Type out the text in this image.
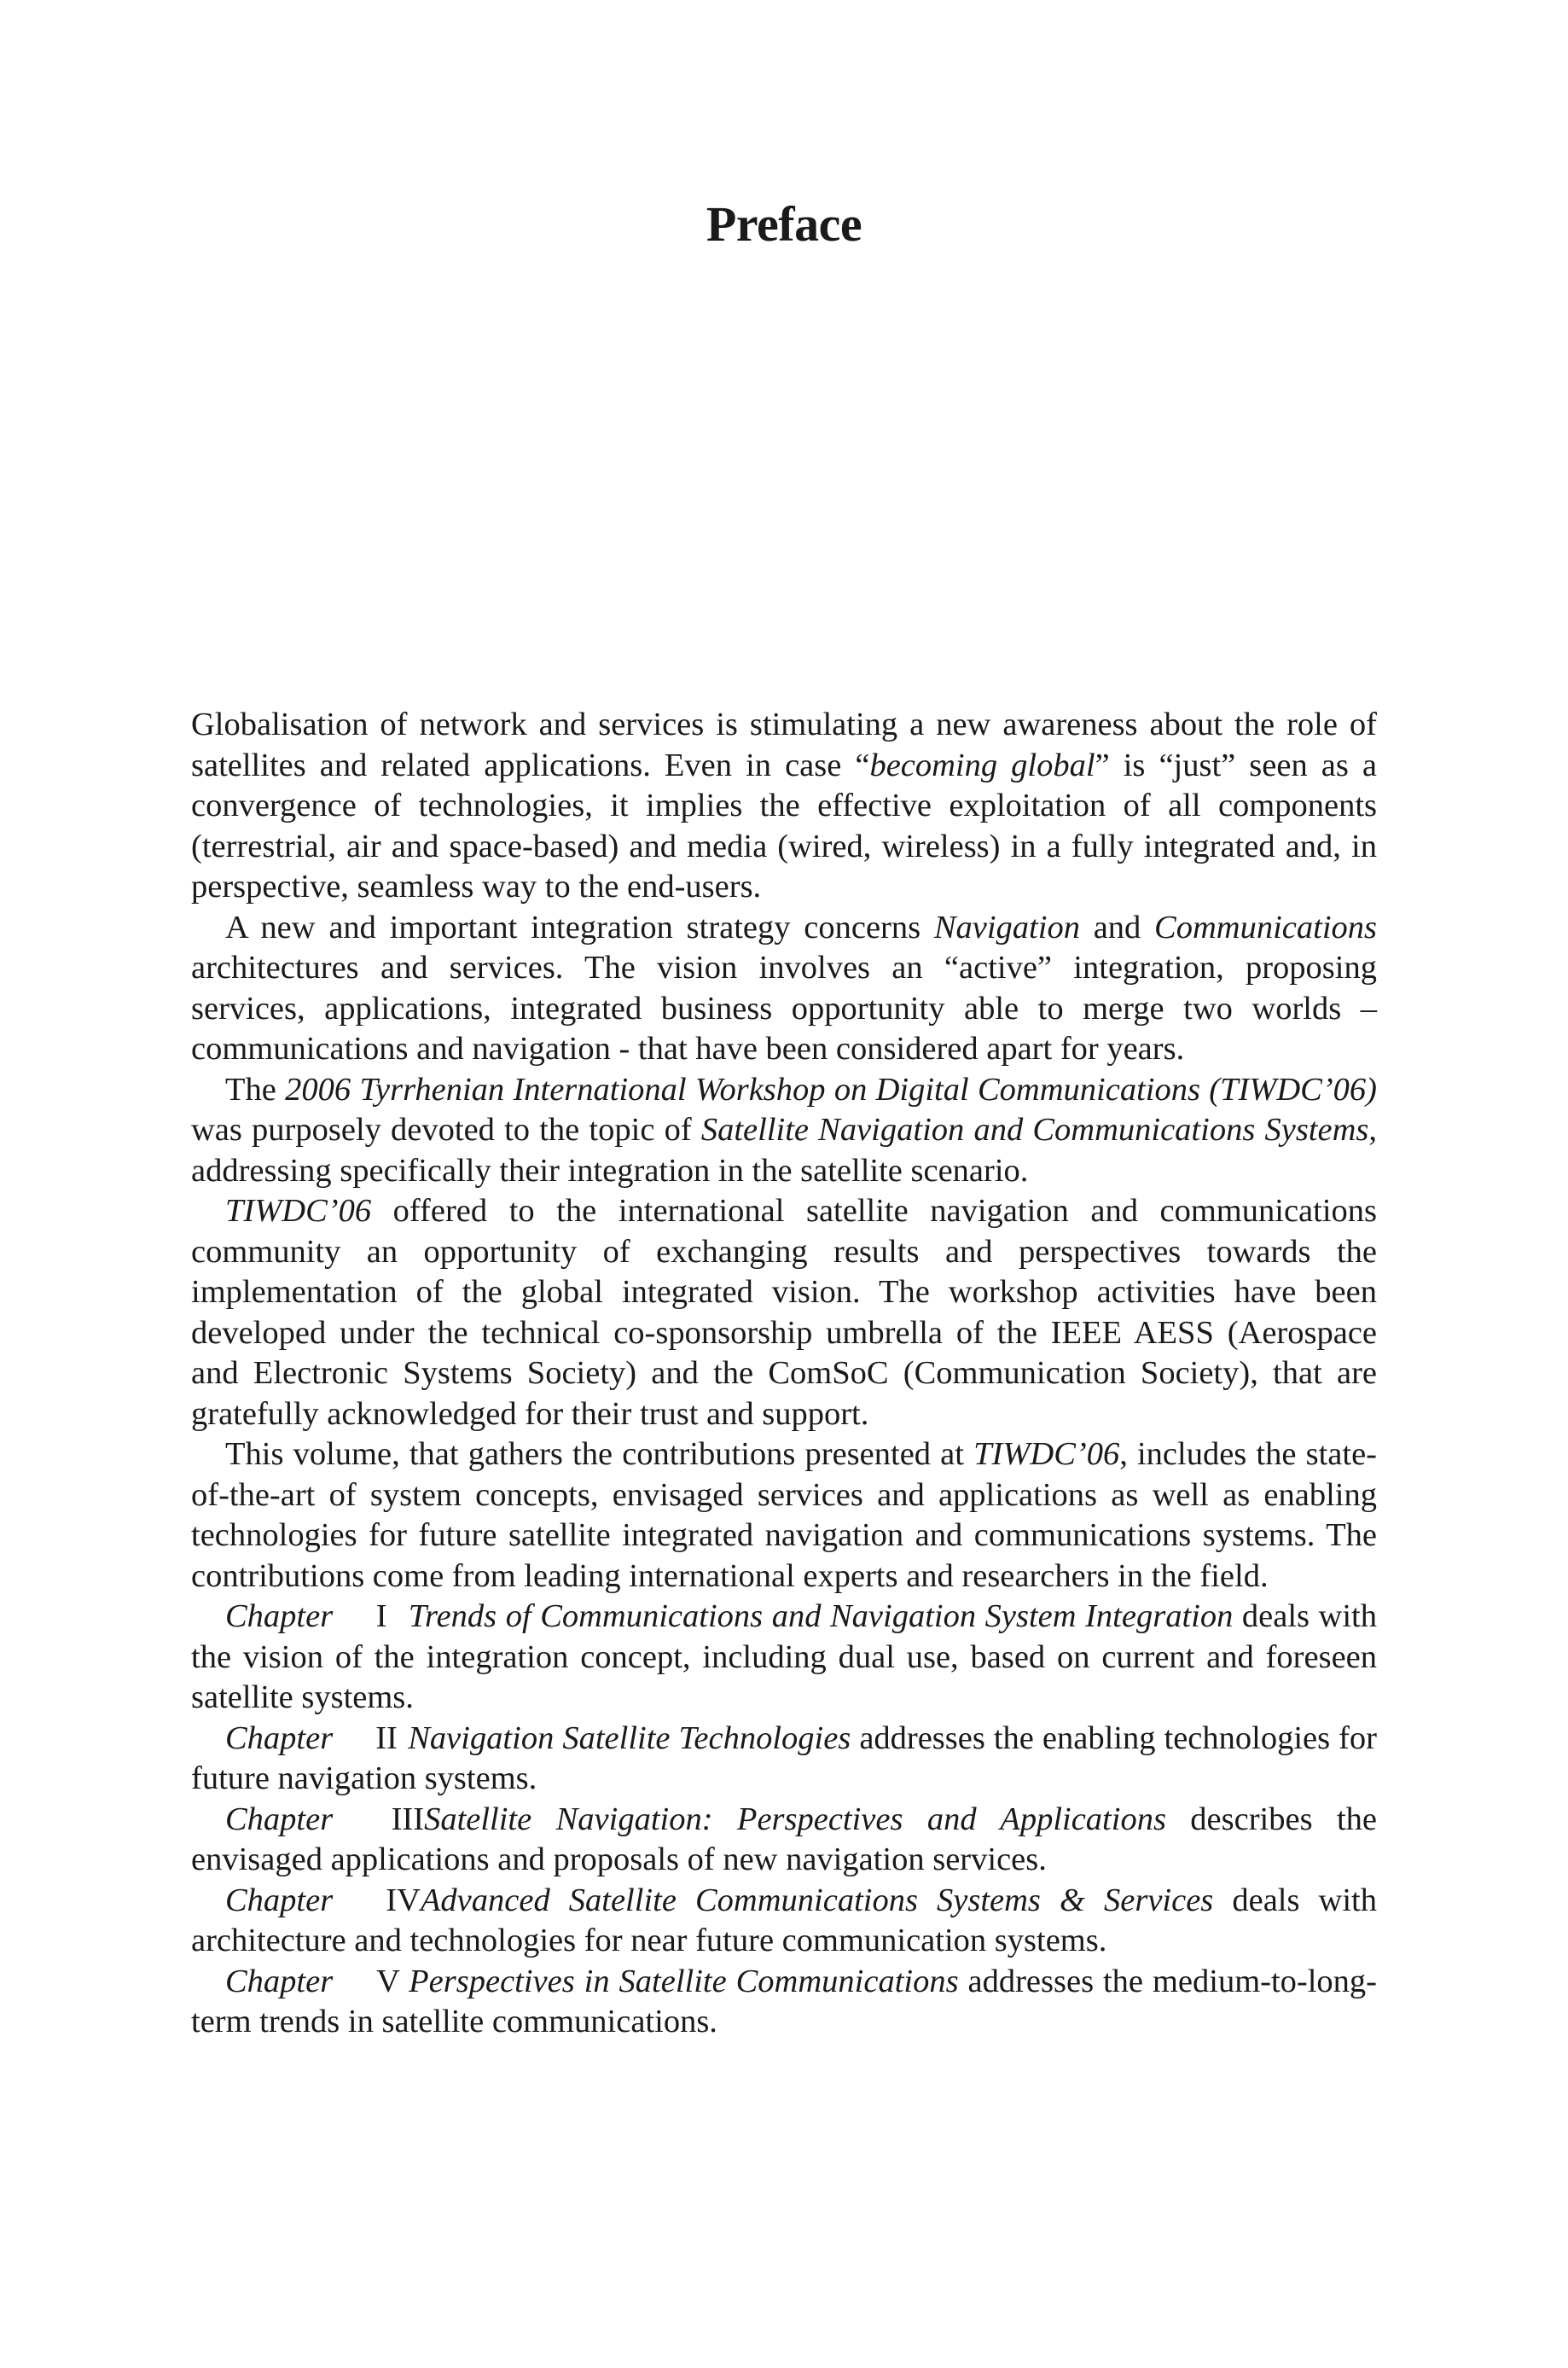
Preface

Globalisation of network and services is stimulating a new awareness about the role of satellites and related applications. Even in case “becoming global” is “just” seen as a convergence of technologies, it implies the effective exploitation of all components (terrestrial, air and space-based) and media (wired, wireless) in a fully integrated and, in perspective, seamless way to the end-users.

A new and important integration strategy concerns Navigation and Communications architectures and services. The vision involves an “active” integration, proposing services, applications, integrated business opportunity able to merge two worlds – communications and navigation - that have been considered apart for years.

The 2006 Tyrrhenian International Workshop on Digital Communications (TIWDC’06) was purposely devoted to the topic of Satellite Navigation and Communications Systems, addressing specifically their integration in the satellite scenario.

TIWDC’06 offered to the international satellite navigation and communications community an opportunity of exchanging results and perspectives towards the implementation of the global integrated vision. The workshop activities have been developed under the technical co-sponsorship umbrella of the IEEE AESS (Aerospace and Electronic Systems Society) and the ComSoC (Communication Society), that are gratefully acknowledged for their trust and support.

This volume, that gathers the contributions presented at TIWDC’06, includes the state-of-the-art of system concepts, envisaged services and applications as well as enabling technologies for future satellite integrated navigation and communications systems. The contributions come from leading international experts and researchers in the field.

Chapter I Trends of Communications and Navigation System Integration deals with the vision of the integration concept, including dual use, based on current and foreseen satellite systems.

Chapter II Navigation Satellite Technologies addresses the enabling technologies for future navigation systems.

Chapter IIISatellite Navigation: Perspectives and Applications describes the envisaged applications and proposals of new navigation services.

Chapter IVAdvanced Satellite Communications Systems & Services deals with architecture and technologies for near future communication systems.

Chapter V Perspectives in Satellite Communications addresses the medium-to-long-term trends in satellite communications.
